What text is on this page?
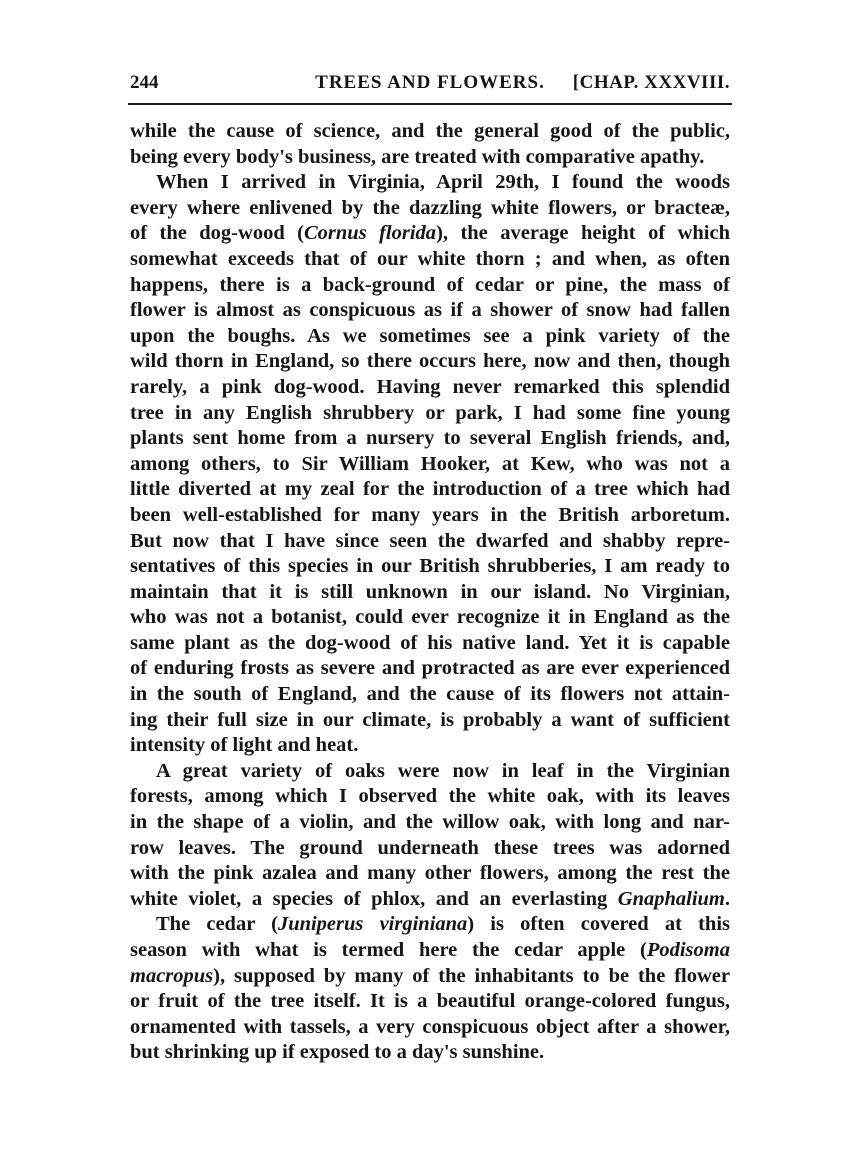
244	TREES AND FLOWERS.	[CHAP. XXXVIII.
while the cause of science, and the general good of the public,
being every body's business, are treated with comparative apathy.
When I arrived in Virginia, April 29th, I found the woods
every where enlivened by the dazzling white flowers, or bracteæ,
of the dog-wood (Cornus florida), the average height of which
somewhat exceeds that of our white thorn ; and when, as often
happens, there is a back-ground of cedar or pine, the mass of
flower is almost as conspicuous as if a shower of snow had fallen
upon the boughs. As we sometimes see a pink variety of the
wild thorn in England, so there occurs here, now and then, though
rarely, a pink dog-wood. Having never remarked this splendid
tree in any English shrubbery or park, I had some fine young
plants sent home from a nursery to several English friends, and,
among others, to Sir William Hooker, at Kew, who was not a
little diverted at my zeal for the introduction of a tree which had
been well-established for many years in the British arboretum.
But now that I have since seen the dwarfed and shabby repre-
sentatives of this species in our British shrubberies, I am ready to
maintain that it is still unknown in our island. No Virginian,
who was not a botanist, could ever recognize it in England as the
same plant as the dog-wood of his native land. Yet it is capable
of enduring frosts as severe and protracted as are ever experienced
in the south of England, and the cause of its flowers not attain-
ing their full size in our climate, is probably a want of sufficient
intensity of light and heat.
A great variety of oaks were now in leaf in the Virginian
forests, among which I observed the white oak, with its leaves
in the shape of a violin, and the willow oak, with long and nar-
row leaves. The ground underneath these trees was adorned
with the pink azalea and many other flowers, among the rest the
white violet, a species of phlox, and an everlasting Gnaphalium.
The cedar (Juniperus virginiana) is often covered at this
season with what is termed here the cedar apple (Podisoma
macropus), supposed by many of the inhabitants to be the flower
or fruit of the tree itself. It is a beautiful orange-colored fungus,
ornamented with tassels, a very conspicuous object after a shower,
but shrinking up if exposed to a day's sunshine.
